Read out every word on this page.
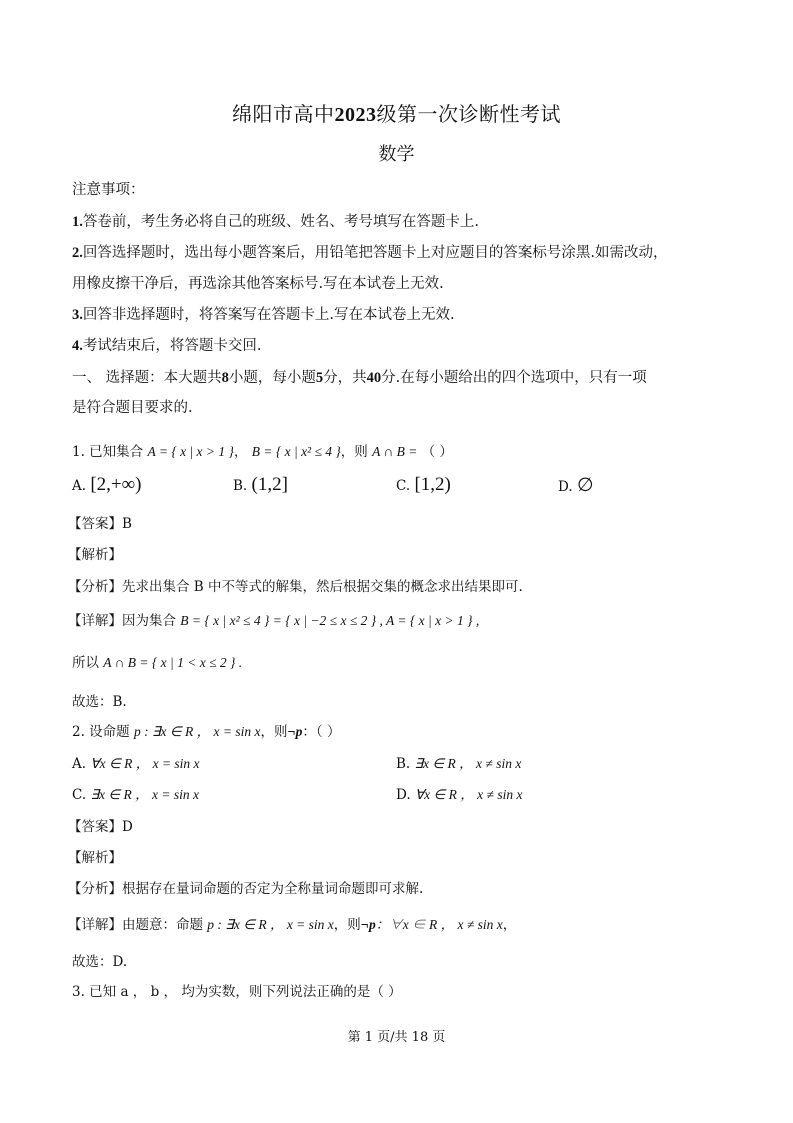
绵阳市高中2023级第一次诊断性考试
数学
注意事项：
1.答卷前，考生务必将自己的班级、姓名、考号填写在答题卡上.
2.回答选择题时，选出每小题答案后，用铅笔把答题卡上对应题目的答案标号涂黑.如需改动，
用橡皮擦干净后，再选涂其他答案标号.写在本试卷上无效.
3.回答非选择题时，将答案写在答题卡上.写在本试卷上无效.
4.考试结束后，将答题卡交回.
一、 选择题：本大题共8小题，每小题5分，共40分.在每小题给出的四个选项中，只有一项
是符合题目要求的.
1. 已知集合 A = { x | x > 1 }， B = { x | x² ≤ 4 }，则 A ∩ B = （ ）
A. [2,+∞)	B. (1,2]	C. [1,2)	D. ∅
【答案】B
【解析】
【分析】先求出集合 B 中不等式的解集，然后根据交集的概念求出结果即可.
【详解】因为集合 B = { x | x² ≤ 4 } = { x | −2 ≤ x ≤ 2 } , A = { x | x > 1 } ,
所以 A ∩ B = { x | 1 < x ≤ 2 } .
故选：B.
2. 设命题 p : ∃x ∈ R ， x = sin x，则¬p：（ ）
A. ∀x ∈ R ， x = sin x	B. ∃x ∈ R ， x ≠ sin x
C. ∃x ∈ R ， x = sin x	D. ∀x ∈ R ， x ≠ sin x
【答案】D
【解析】
【分析】根据存在量词命题的否定为全称量词命题即可求解.
【详解】由题意：命题 p : ∃x ∈ R ， x = sin x，则¬p：∀x ∈ R ， x ≠ sin x，
故选：D.
3. 已知 a ， b ， 均为实数，则下列说法正确的是（ ）
第 1 页/共 18 页
